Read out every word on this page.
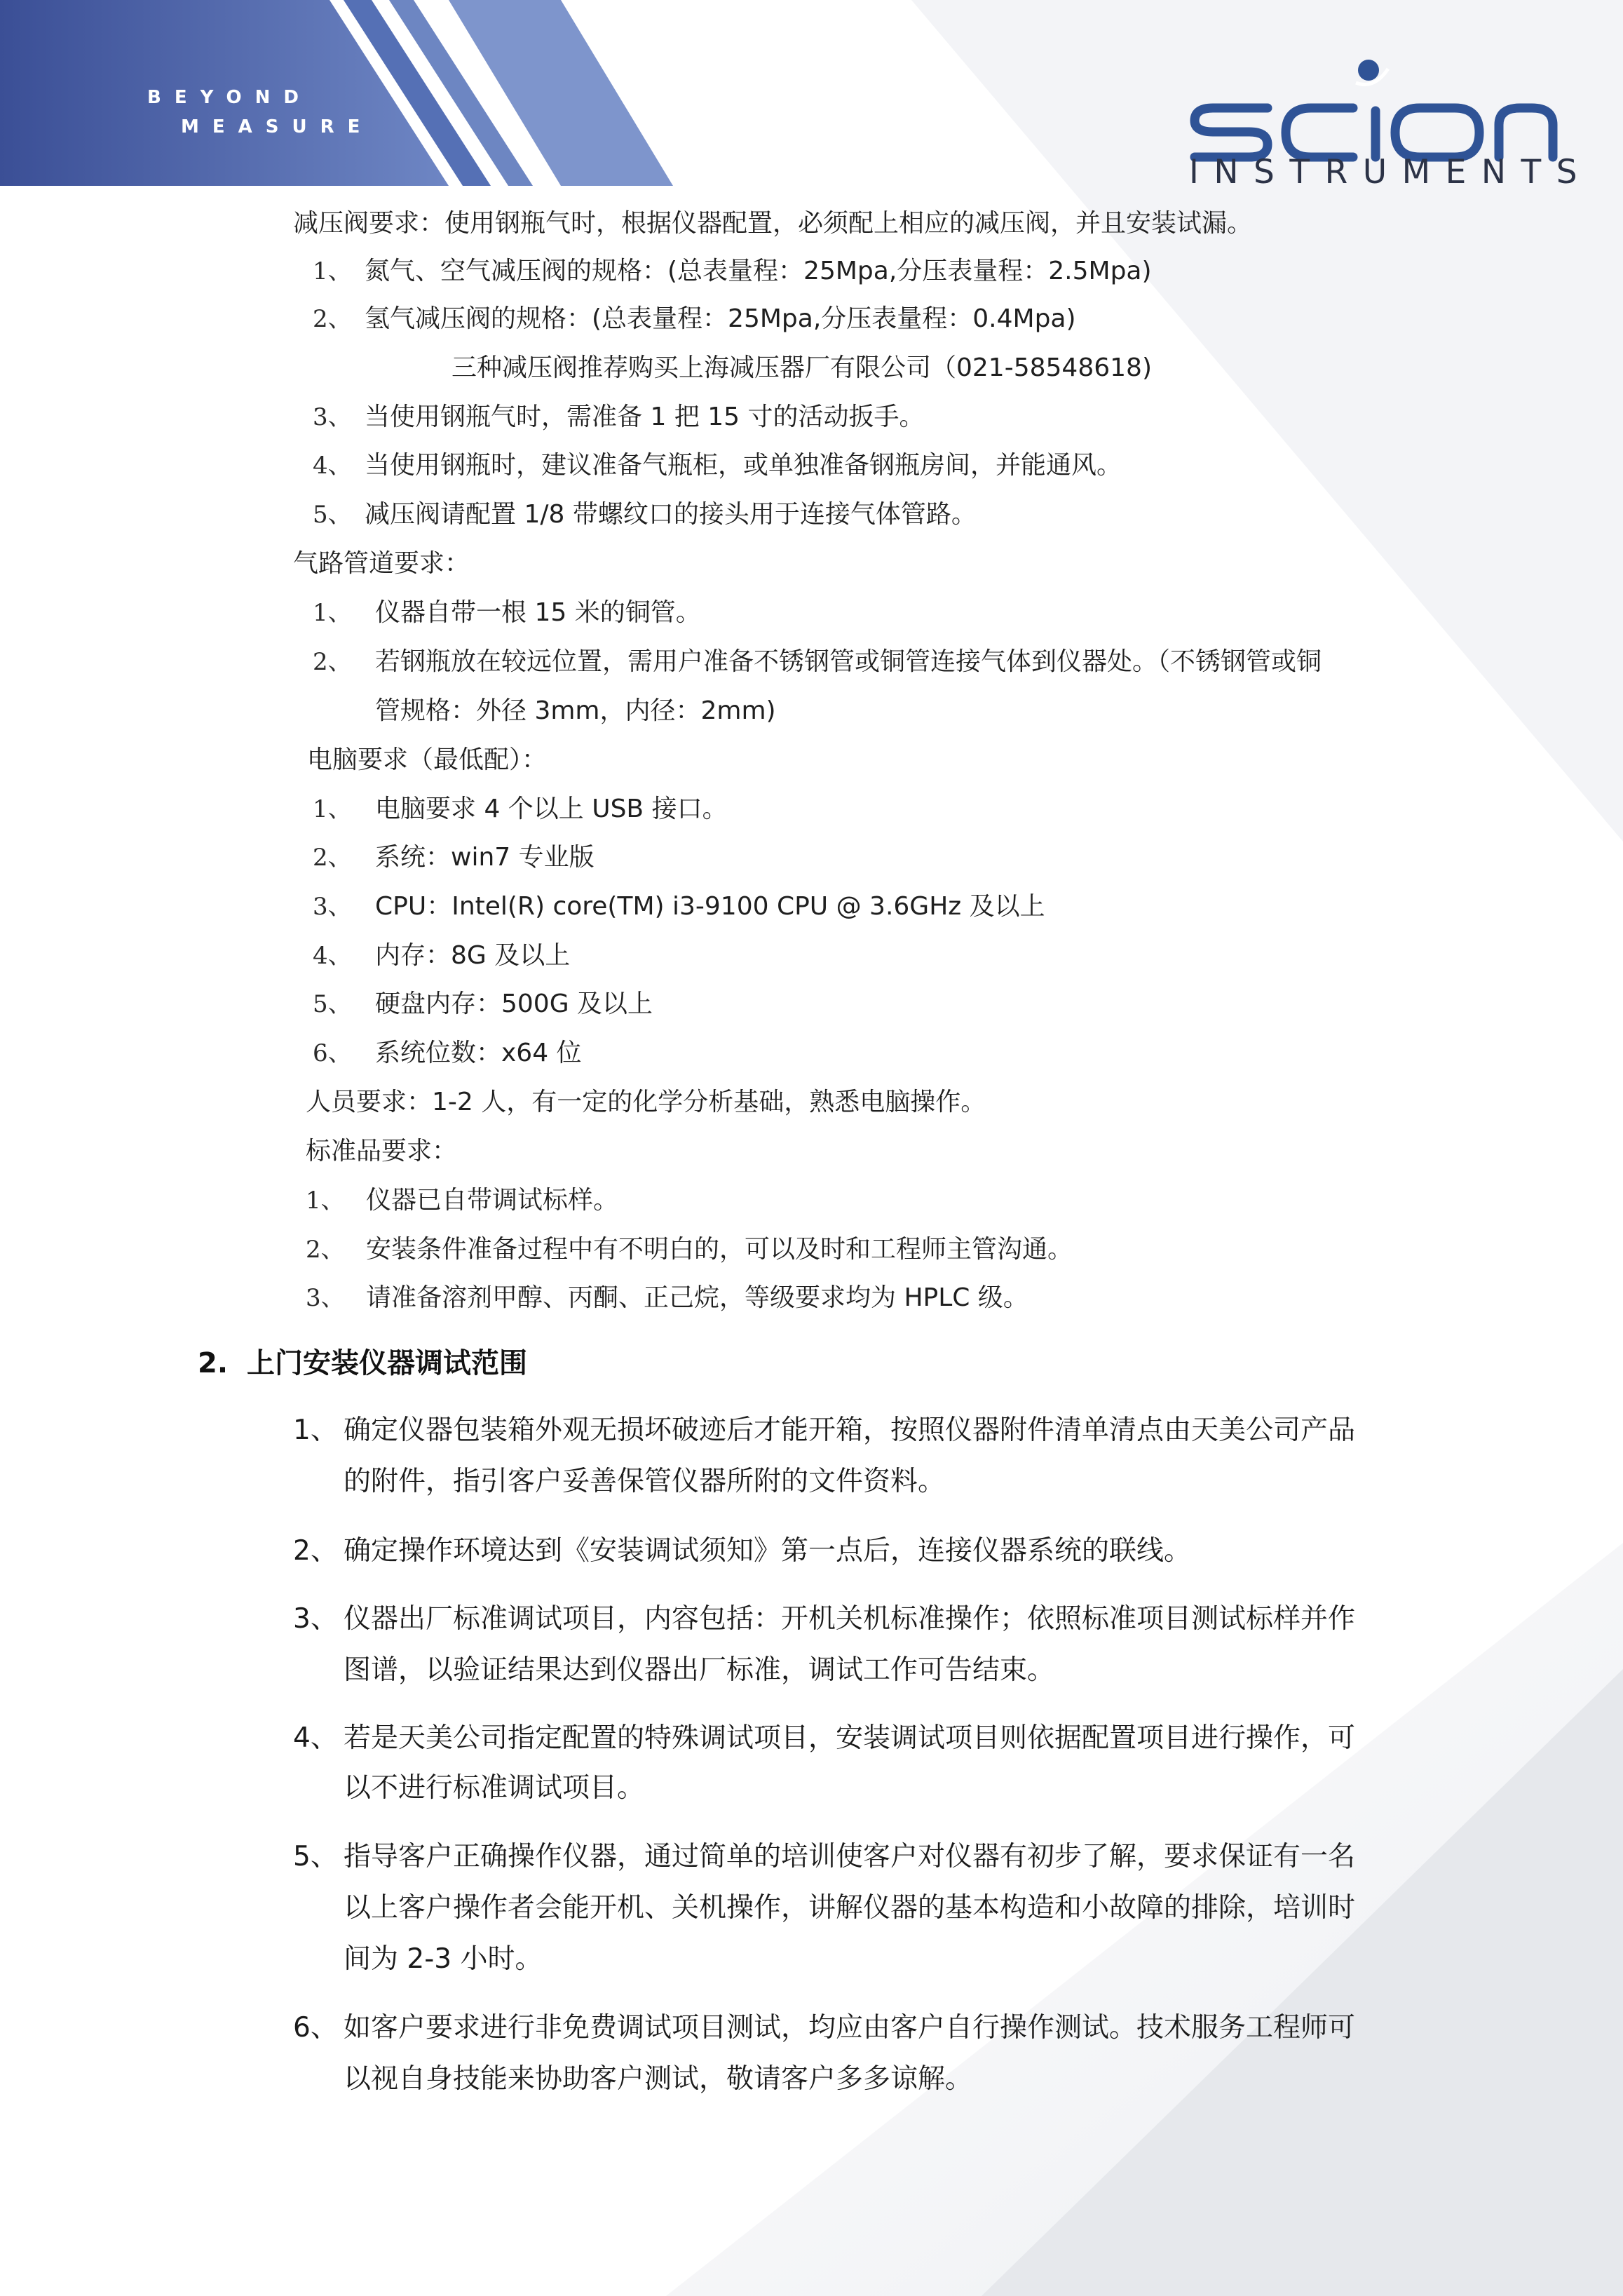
BEYOND
MEASURE
INSTRUMENTS
减压阀要求：使用钢瓶气时，根据仪器配置，必须配上相应的减压阀，并且安装试漏。
1、 氮气、空气减压阀的规格：(总表量程：25Mpa,分压表量程：2.5Mpa)
2、 氢气减压阀的规格：(总表量程：25Mpa,分压表量程：0.4Mpa)
三种减压阀推荐购买上海减压器厂有限公司（021-58548618)
3、 当使用钢瓶气时，需准备 1 把 15 寸的活动扳手。
4、 当使用钢瓶时，建议准备气瓶柜，或单独准备钢瓶房间，并能通风。
5、 减压阀请配置 1/8 带螺纹口的接头用于连接气体管路。
气路管道要求：
1、 仪器自带一根 15 米的铜管。
2、 若钢瓶放在较远位置，需用户准备不锈钢管或铜管连接气体到仪器处。（不锈钢管或铜
管规格：外径 3mm，内径：2mm)
电脑要求（最低配）：
1、 电脑要求 4 个以上 USB 接口。
2、 系统：win7 专业版
3、 CPU：Intel(R) core(TM) i3-9100 CPU @ 3.6GHz 及以上
4、 内存：8G 及以上
5、 硬盘内存：500G 及以上
6、 系统位数：x64 位
人员要求：1-2 人，有一定的化学分析基础，熟悉电脑操作。
标准品要求：
1、 仪器已自带调试标样。
2、 安装条件准备过程中有不明白的，可以及时和工程师主管沟通。
3、 请准备溶剂甲醇、丙酮、正己烷，等级要求均为 HPLC 级。
2. 上门安装仪器调试范围
1、 确定仪器包装箱外观无损坏破迹后才能开箱，按照仪器附件清单清点由天美公司产品
的附件，指引客户妥善保管仪器所附的文件资料。
2、 确定操作环境达到《安装调试须知》第一点后，连接仪器系统的联线。
3、 仪器出厂标准调试项目，内容包括：开机关机标准操作；依照标准项目测试标样并作
图谱，以验证结果达到仪器出厂标准，调试工作可告结束。
4、 若是天美公司指定配置的特殊调试项目，安装调试项目则依据配置项目进行操作，可
以不进行标准调试项目。
5、 指导客户正确操作仪器，通过简单的培训使客户对仪器有初步了解，要求保证有一名
以上客户操作者会能开机、关机操作，讲解仪器的基本构造和小故障的排除，培训时
间为 2-3 小时。
6、 如客户要求进行非免费调试项目测试，均应由客户自行操作测试。技术服务工程师可
以视自身技能来协助客户测试，敬请客户多多谅解。
